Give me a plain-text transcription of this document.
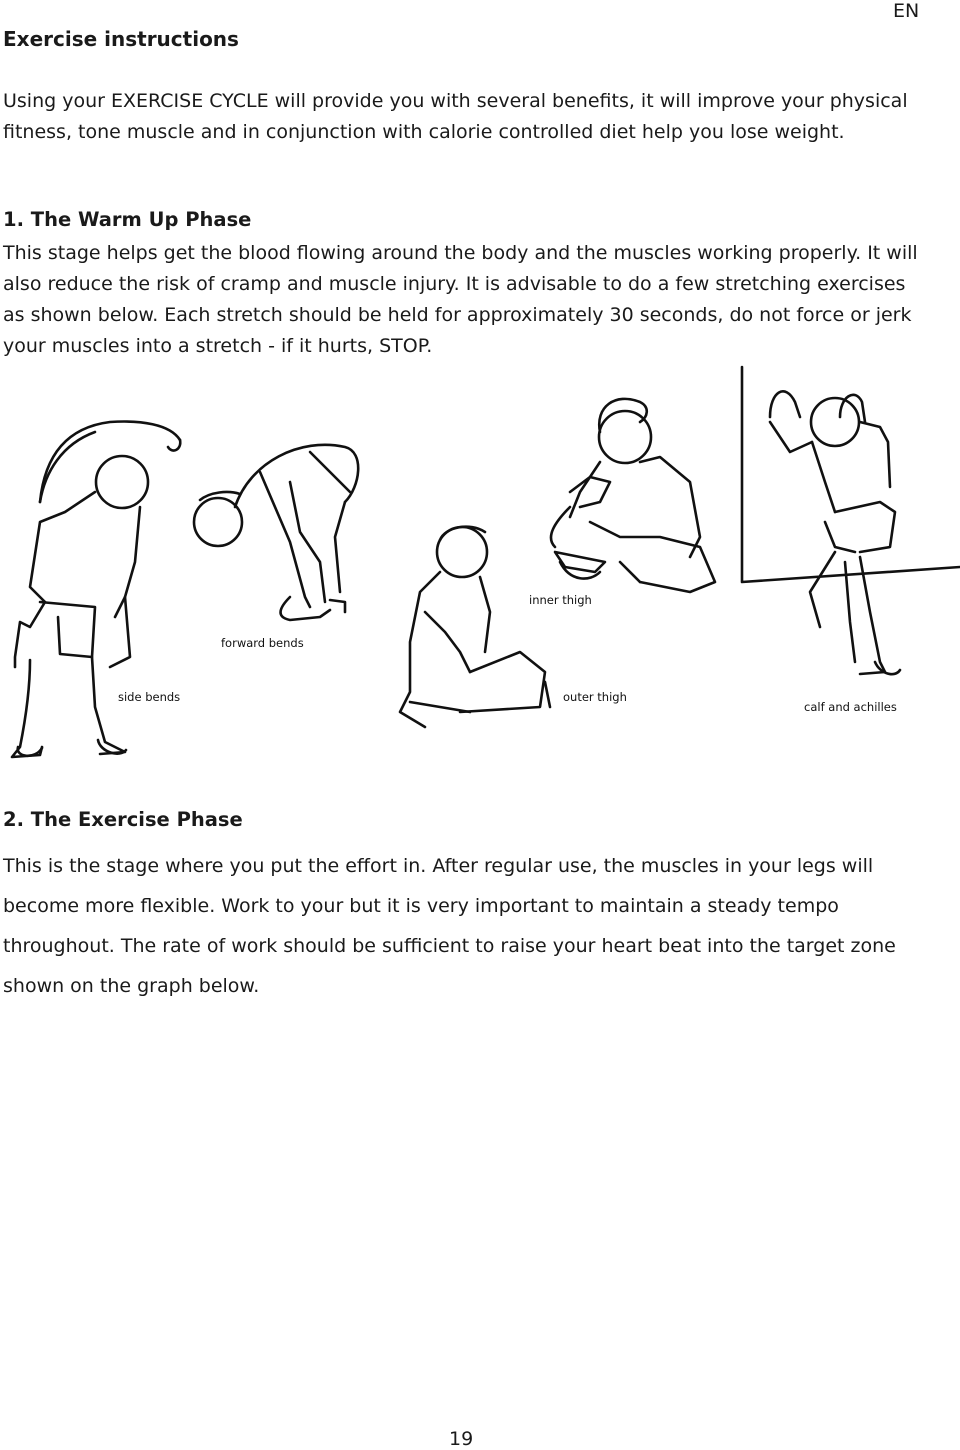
EN
Exercise instructions

Using your EXERCISE CYCLE will provide you with several benefits, it will improve your physical fitness, tone muscle and in conjunction with calorie controlled diet help you lose weight.

1. The Warm Up Phase

This stage helps get the blood flowing around the body and the muscles working properly. It will also reduce the risk of cramp and muscle injury. It is advisable to do a few stretching exercises as shown below. Each stretch should be held for approximately 30 seconds, do not force or jerk your muscles into a stretch - if it hurts, STOP.

side bends
forward bends
outer thigh
inner thigh
calf and achilles
2. The Exercise Phase

This is the stage where you put the effort in. After regular use, the muscles in your legs will become more flexible. Work to your but it is very important to maintain a steady tempo throughout. The rate of work should be sufficient to raise your heart beat into the target zone shown on the graph below.

19
